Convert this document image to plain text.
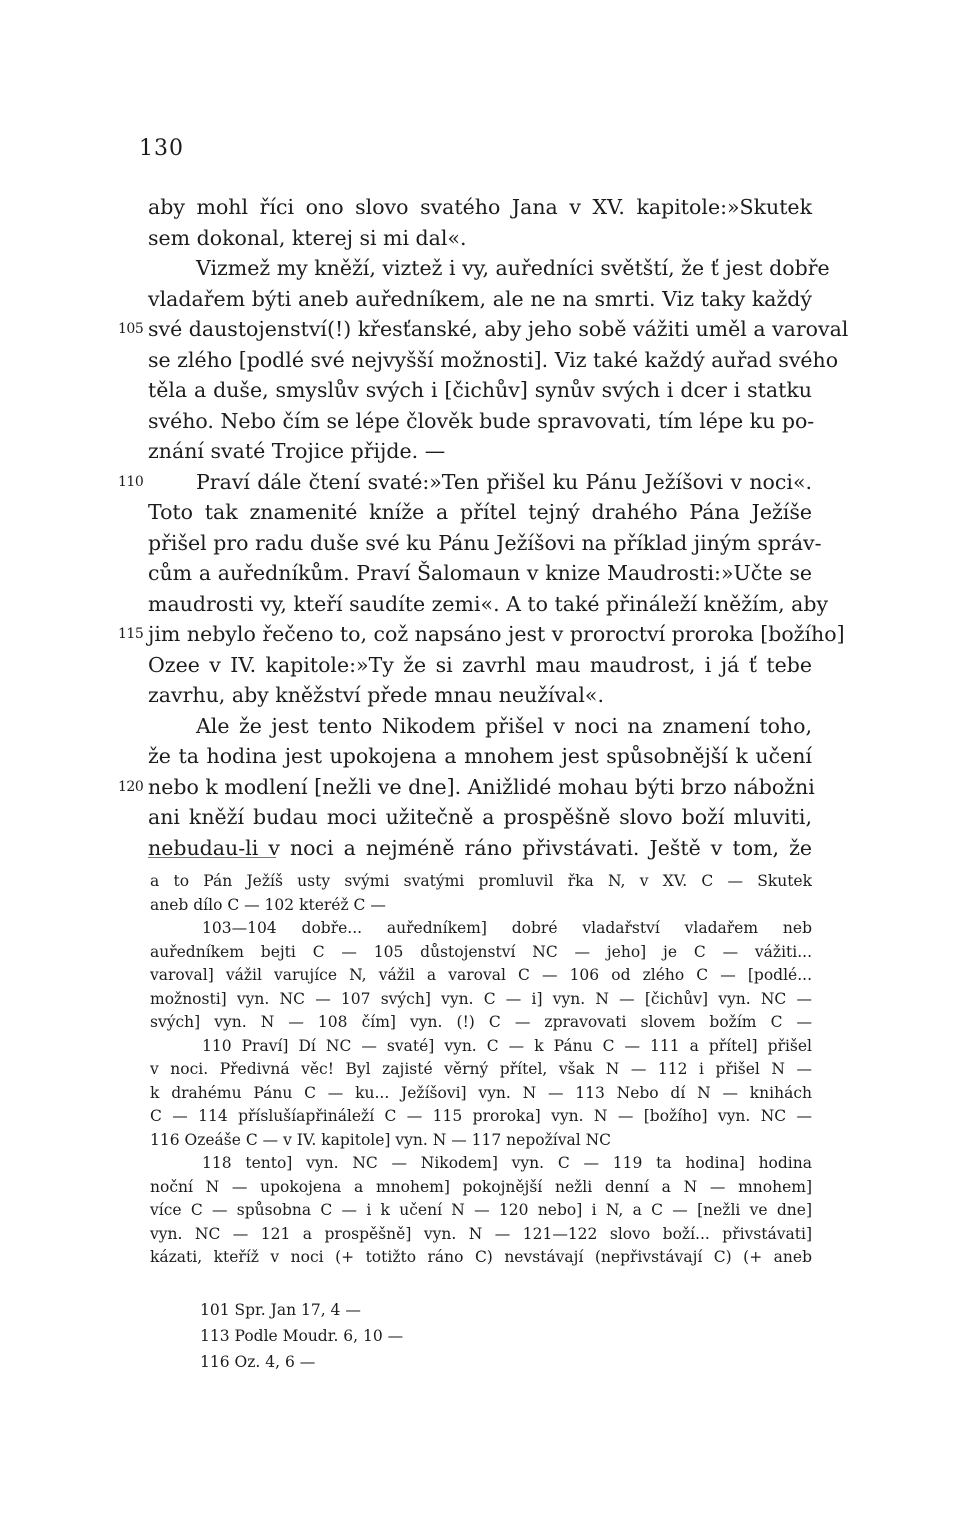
130
aby mohl říci ono slovo svatého Jana v XV. kapitole:»Skutek
sem dokonal, kterej si mi dal«.
Vizmež my kněží, viztež i vy, auředníci světští, že ť jest dobře
vladařem býti aneb auředníkem, ale ne na smrti. Viz taky každý
své daustojenství(!) křesťanské, aby jeho sobě vážiti uměl a varoval
105
se zlého [podlé své nejvyšší možnosti]. Viz také každý auřad svého
těla a duše, smyslův svých i [čichův] synův svých i dcer i statku
svého. Nebo čím se lépe člověk bude spravovati, tím lépe ku po-
znání svaté Trojice přijde. —
Praví dále čtení svaté:»Ten přišel ku Pánu Ježíšovi v noci«.
110
Toto tak znamenité kníže a přítel tejný drahého Pána Ježíše
přišel pro radu duše své ku Pánu Ježíšovi na příklad jiným správ-
cům a auředníkům. Praví Šalomaun v knize Maudrosti:»Učte se
maudrosti vy, kteří saudíte zemi«. A to také přináleží kněžím, aby
jim nebylo řečeno to, což napsáno jest v proroctví proroka [božího]
115
Ozee v IV. kapitole:»Ty že si zavrhl mau maudrost, i já ť tebe
zavrhu, aby kněžství přede mnau neužíval«.
Ale že jest tento Nikodem přišel v noci na znamení toho,
že ta hodina jest upokojena a mnohem jest spůsobnější k učení
nebo k modlení [nežli ve dne]. Anižlidé mohau býti brzo nábožni
120
ani kněží budau moci užitečně a prospěšně slovo boží mluviti,
nebudau-li v noci a nejméně ráno přivstávati. Ještě v tom, že
a to Pán Ježíš usty svými svatými promluvil řka N, v XV. C — Skutek
aneb dílo C — 102 kteréž C —
103—104 dobře... auředníkem] dobré vladařství vladařem neb
auředníkem bejti C — 105 důstojenství NC — jeho] je C — vážiti...
varoval] vážil varujíce N, vážil a varoval C — 106 od zlého C — [podlé...
možnosti] vyn. NC — 107 svých] vyn. C — i] vyn. N — [čichův] vyn. NC —
svých] vyn. N — 108 čím] vyn. (!) C — zpravovati slovem božím C —
110 Praví] Dí NC — svaté] vyn. C — k Pánu C — 111 a přítel] přišel
v noci. Předivná věc! Byl zajisté věrný přítel, však N — 112 i přišel N —
k drahému Pánu C — ku... Ježíšovi] vyn. N — 113 Nebo dí N — knihách
C — 114 příslušíapřináleží C — 115 proroka] vyn. N — [božího] vyn. NC —
116 Ozeáše C — v IV. kapitole] vyn. N — 117 nepožíval NC
118 tento] vyn. NC — Nikodem] vyn. C — 119 ta hodina] hodina
noční N — upokojena a mnohem] pokojnější nežli denní a N — mnohem]
více C — spůsobna C — i k učení N — 120 nebo] i N, a C — [nežli ve dne]
vyn. NC — 121 a prospěšně] vyn. N — 121—122 slovo boží... přivstávati]
kázati, kteříž v noci (+ totižto ráno C) nevstávají (nepřivstávají C) (+ aneb
101 Spr. Jan 17, 4 —
113 Podle Moudr. 6, 10 —
116 Oz. 4, 6 —
